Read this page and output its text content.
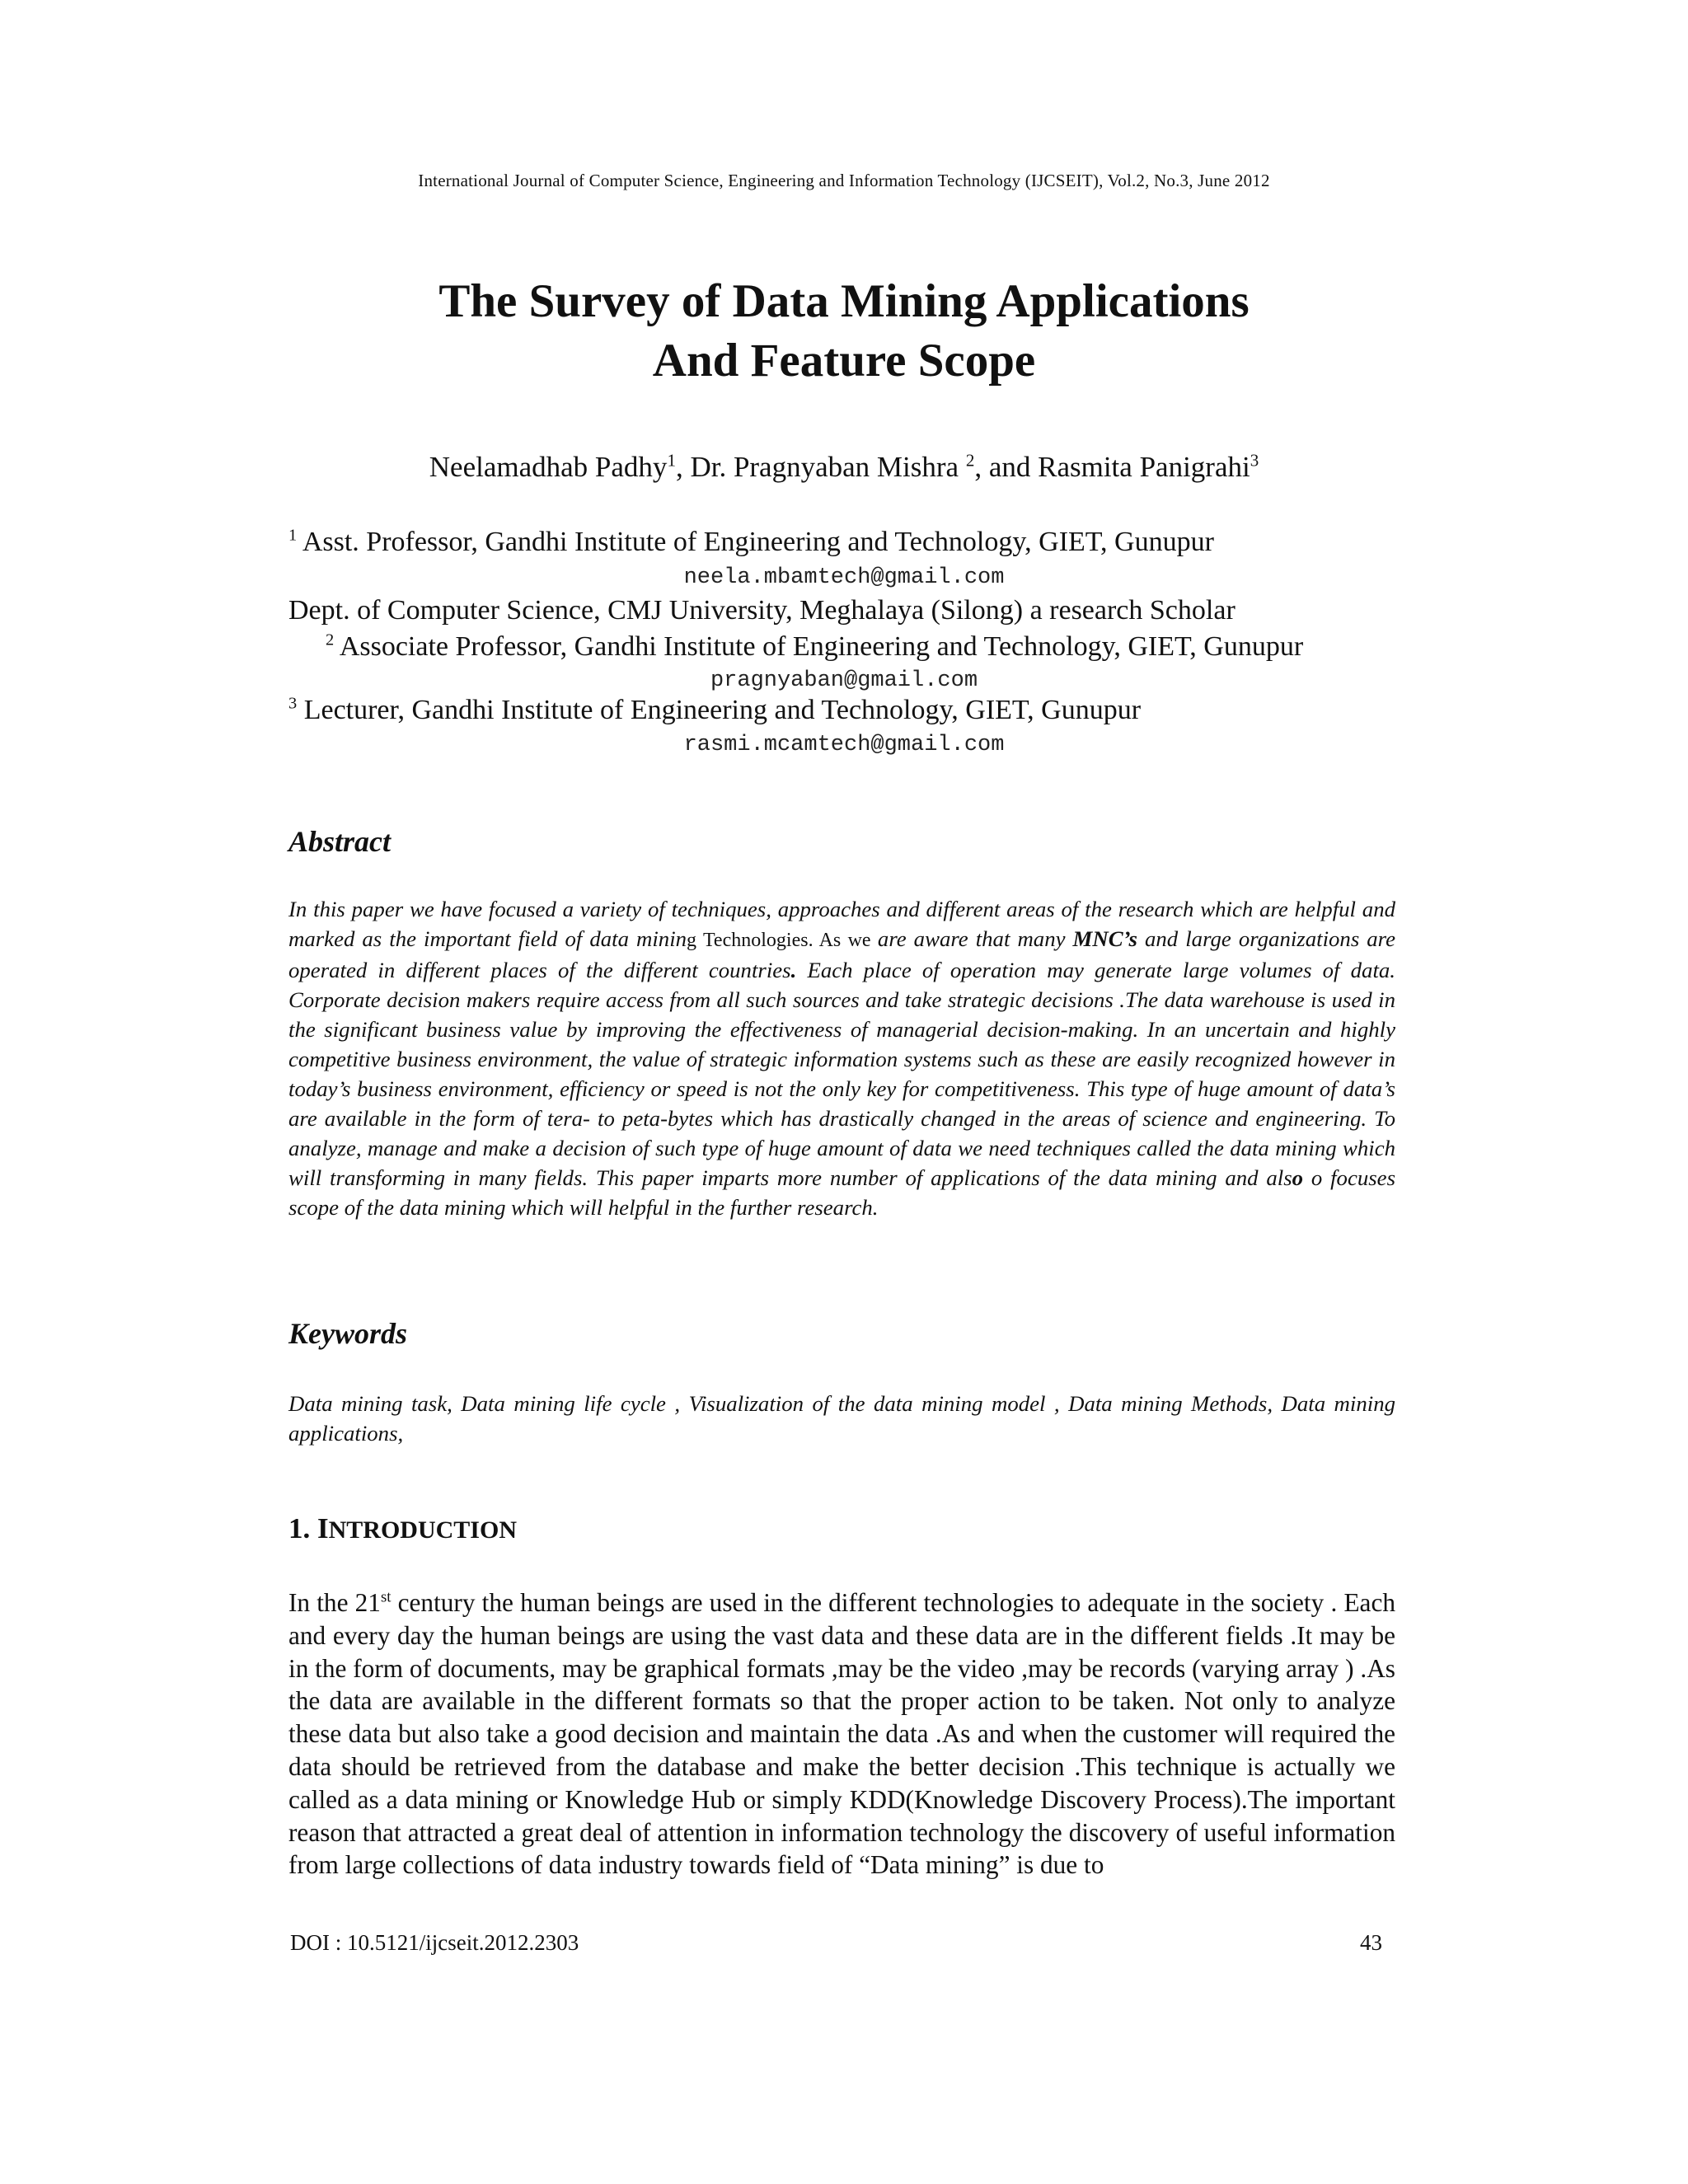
International Journal of Computer Science, Engineering and Information Technology (IJCSEIT), Vol.2, No.3, June 2012
The Survey of Data Mining Applications
And Feature Scope
Neelamadhab Padhy$^1$, Dr. Pragnyaban Mishra $^2$, and Rasmita Panigrahi$^3$
$^1$ Asst. Professor, Gandhi Institute of Engineering and Technology, GIET, Gunupur
neela.mbamtech@gmail.com
Dept. of Computer Science, CMJ University, Meghalaya (Silong) a research Scholar
$^2$ Associate Professor, Gandhi Institute of Engineering and Technology, GIET, Gunupur
pragnyaban@gmail.com
$^3$ Lecturer, Gandhi Institute of Engineering and Technology, GIET, Gunupur
rasmi.mcamtech@gmail.com
Abstract
In this paper we have focused a variety of techniques, approaches and different areas of the research which are helpful and marked as the important field of data mining Technologies. As we are aware that many MNC’s and large organizations are operated in different places of the different countries. Each place of operation may generate large volumes of data. Corporate decision makers require access from all such sources and take strategic decisions .The data warehouse is used in the significant business value by improving the effectiveness of managerial decision-making. In an uncertain and highly competitive business environment, the value of strategic information systems such as these are easily recognized however in today’s business environment, efficiency or speed is not the only key for competitiveness. This type of huge amount of data’s are available in the form of tera- to peta-bytes which has drastically changed in the areas of science and engineering. To analyze, manage and make a decision of such type of huge amount of data we need techniques called the data mining which will transforming in many fields. This paper imparts more number of applications of the data mining and also o focuses scope of the data mining which will helpful in the further research.
Keywords
Data mining task, Data mining life cycle , Visualization of the data mining model , Data mining Methods, Data mining applications,
1. INTRODUCTION
In the 21st century the human beings are used in the different technologies to adequate in the society . Each and every day the human beings are using the vast data and these data are in the different fields .It may be in the form of documents, may be graphical formats ,may be the video ,may be records (varying array ) .As the data are available in the different formats so that the proper action to be taken. Not only to analyze these data but also take a good decision and maintain the data .As and when the customer will required the data should be retrieved from the database and make the better decision .This technique is actually we called as a data mining or Knowledge Hub or simply KDD(Knowledge Discovery Process).The important reason that attracted a great deal of attention in information technology the discovery of useful information from large collections of data industry towards field of “Data mining” is due to
DOI : 10.5121/ijcseit.2012.2303	43
